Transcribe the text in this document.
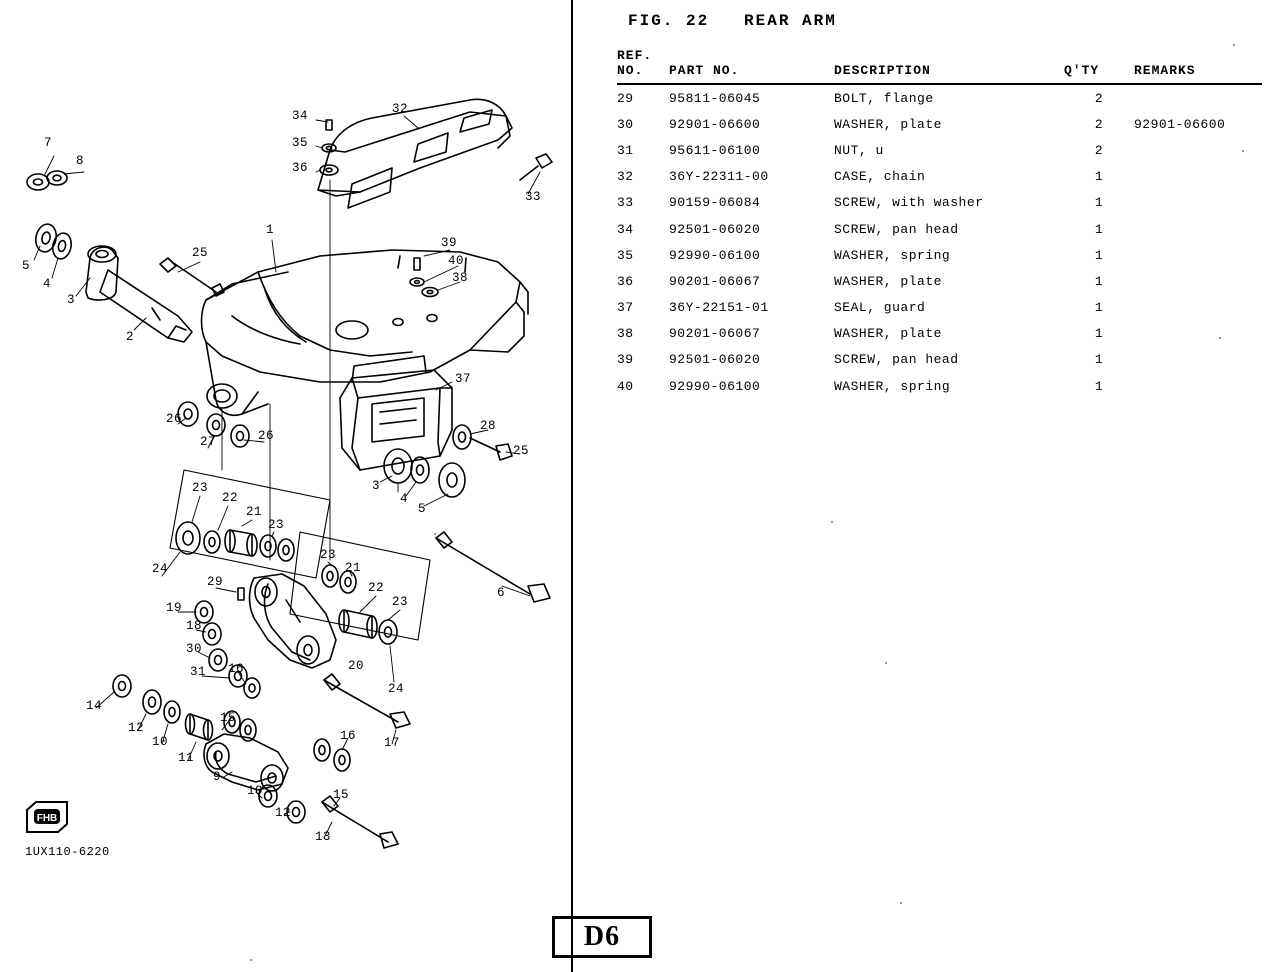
7
8
5
4
3
2
25
1
34
35
36
32
33
39
40
38
37
26
27	26
28
25
3
4
5
23
22
21
23
24
23
21
22
23
24
6
29
19
18
30
31 16	20
14
12
10
11
15
9
16 17
10
12
15
13
FHB
1UX110-6220
FIG. 22   REAR ARM
REF.
NO.	PART NO.	DESCRIPTION	Q'TY	REMARKS
29	95811-06045	BOLT, flange	2	
30	92901-06600	WASHER, plate	2	92901-06600
31	95611-06100	NUT, u	2	
32	36Y-22311-00	CASE, chain	1	
33	90159-06084	SCREW, with washer	1	
34	92501-06020	SCREW, pan head	1	
35	92990-06100	WASHER, spring	1	
36	90201-06067	WASHER, plate	1	
37	36Y-22151-01	SEAL, guard	1	
38	90201-06067	WASHER, plate	1	
39	92501-06020	SCREW, pan head	1	
40	92990-06100	WASHER, spring	1	
D6
